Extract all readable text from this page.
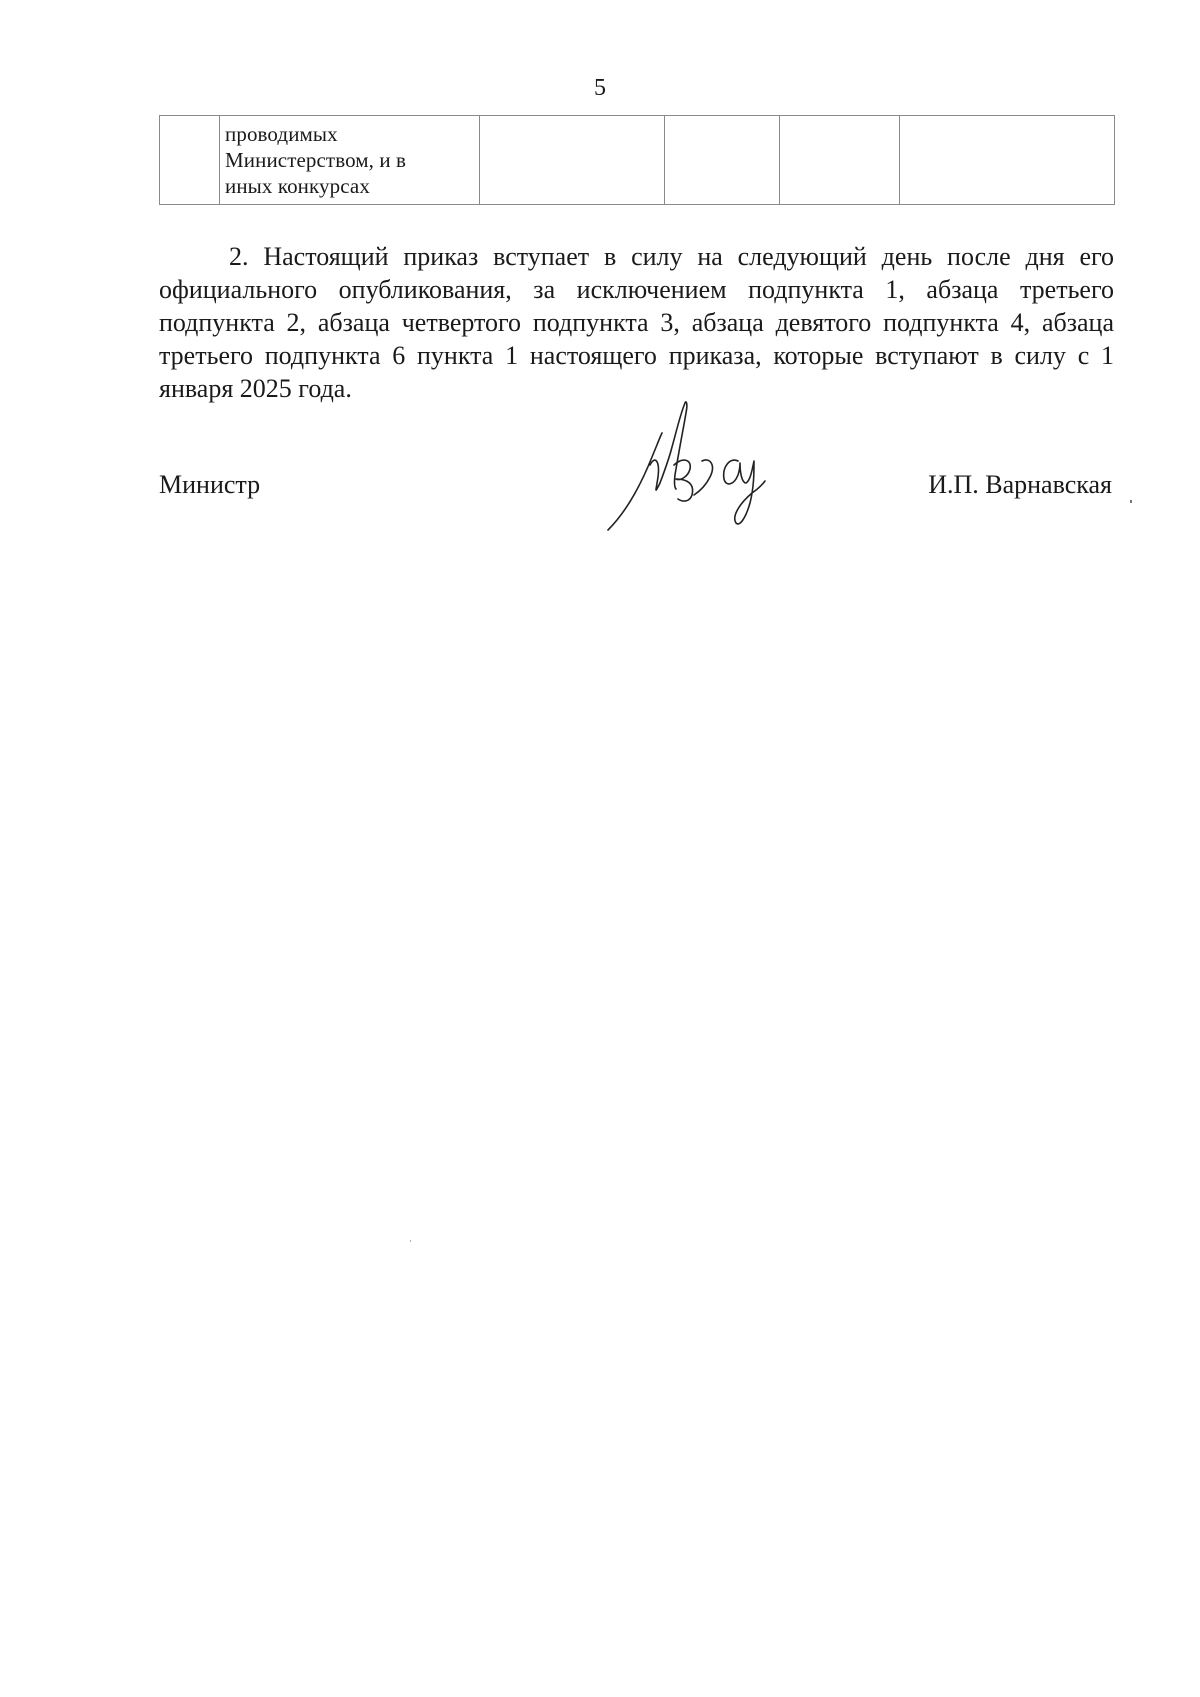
5

проводимых
Министерством, и в
иных конкурсах

2. Настоящий приказ вступает в силу на следующий день после дня его официального опубликования, за исключением подпункта 1, абзаца третьего подпункта 2, абзаца четвертого подпункта 3, абзаца девятого подпункта 4, абзаца третьего подпункта 6 пункта 1 настоящего приказа, которые вступают в силу с 1 января 2025 года.

Министр	И.П. Варнавская
